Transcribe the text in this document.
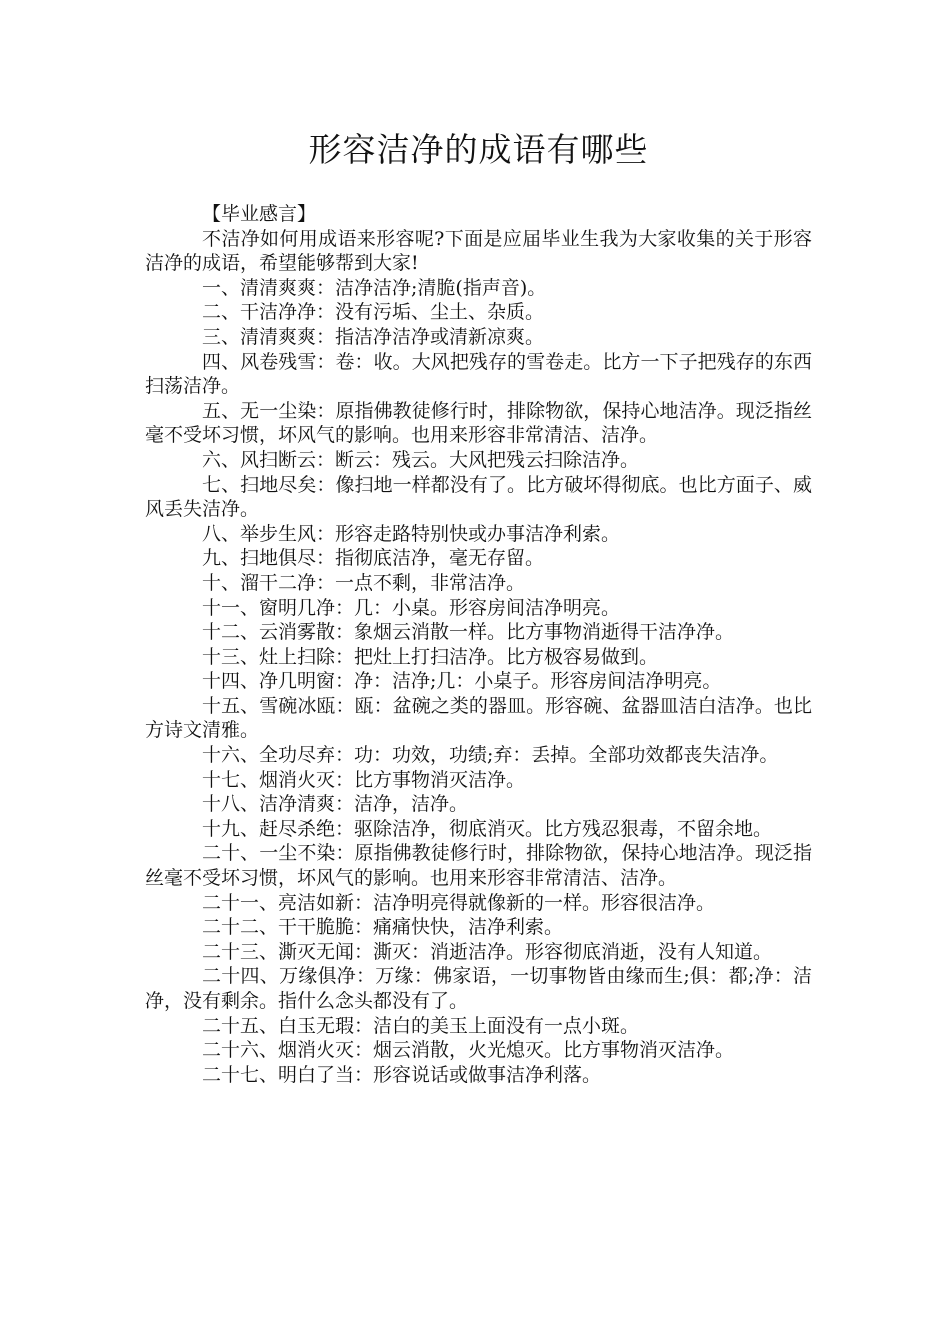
形容洁净的成语有哪些

【毕业感言】

不洁净如何用成语来形容呢?下面是应届毕业生我为大家收集的关于形容洁净的成语，希望能够帮到大家!

一、清清爽爽：洁净洁净;清脆(指声音)。

二、干洁净净：没有污垢、尘土、杂质。

三、清清爽爽：指洁净洁净或清新凉爽。

四、风卷残雪：卷：收。大风把残存的雪卷走。比方一下子把残存的东西扫荡洁净。

五、无一尘染：原指佛教徒修行时，排除物欲，保持心地洁净。现泛指丝毫不受坏习惯，坏风气的影响。也用来形容非常清洁、洁净。

六、风扫断云：断云：残云。大风把残云扫除洁净。

七、扫地尽矣：像扫地一样都没有了。比方破坏得彻底。也比方面子、威风丢失洁净。

八、举步生风：形容走路特别快或办事洁净利索。

九、扫地俱尽：指彻底洁净，毫无存留。

十、溜干二净：一点不剩，非常洁净。

十一、窗明几净：几：小桌。形容房间洁净明亮。

十二、云消雾散：象烟云消散一样。比方事物消逝得干洁净净。

十三、灶上扫除：把灶上打扫洁净。比方极容易做到。

十四、净几明窗：净：洁净;几：小桌子。形容房间洁净明亮。

十五、雪碗冰瓯：瓯：盆碗之类的器皿。形容碗、盆器皿洁白洁净。也比方诗文清雅。

十六、全功尽弃：功：功效，功绩;弃：丢掉。全部功效都丧失洁净。

十七、烟消火灭：比方事物消灭洁净。

十八、洁净清爽：洁净，洁净。

十九、赶尽杀绝：驱除洁净，彻底消灭。比方残忍狠毒，不留余地。

二十、一尘不染：原指佛教徒修行时，排除物欲，保持心地洁净。现泛指丝毫不受坏习惯，坏风气的影响。也用来形容非常清洁、洁净。

二十一、亮洁如新：洁净明亮得就像新的一样。形容很洁净。

二十二、干干脆脆：痛痛快快，洁净利索。

二十三、澌灭无闻：澌灭：消逝洁净。形容彻底消逝，没有人知道。

二十四、万缘俱净：万缘：佛家语，一切事物皆由缘而生;俱：都;净：洁净，没有剩余。指什么念头都没有了。

二十五、白玉无瑕：洁白的美玉上面没有一点小斑。

二十六、烟消火灭：烟云消散，火光熄灭。比方事物消灭洁净。

二十七、明白了当：形容说话或做事洁净利落。
